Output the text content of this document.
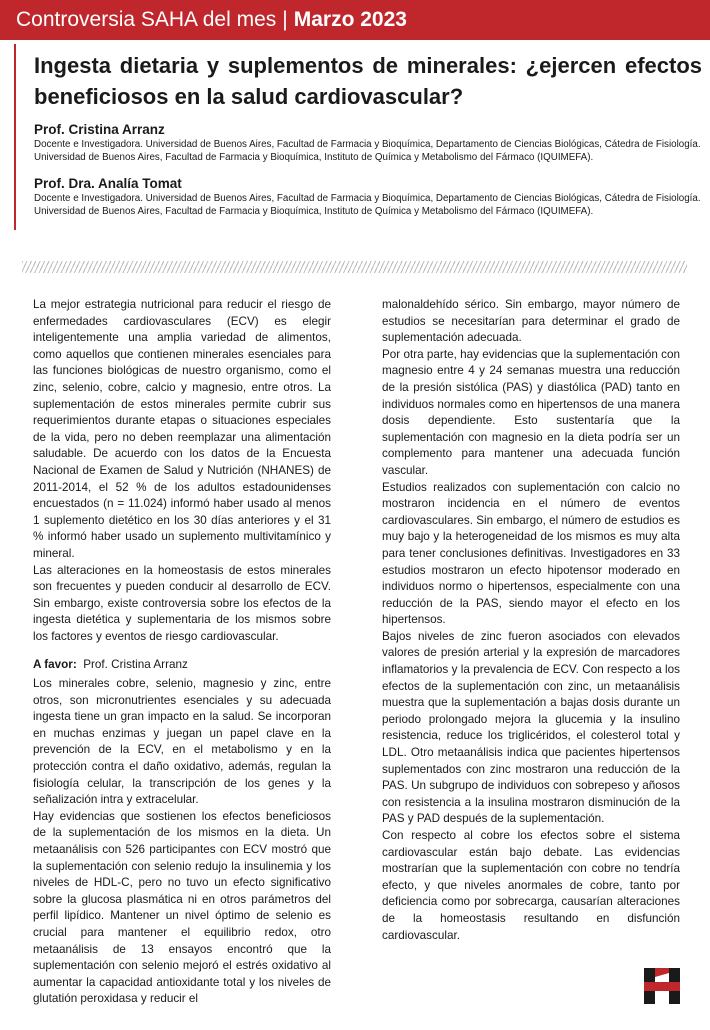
Controversia SAHA del mes | Marzo 2023
Ingesta dietaria y suplementos de minerales: ¿ejercen efectos beneficiosos en la salud cardiovascular?
Prof. Cristina Arranz
Docente e Investigadora. Universidad de Buenos Aires, Facultad de Farmacia y Bioquímica, Departamento de Ciencias Biológicas, Cátedra de Fisiología. Universidad de Buenos Aires, Facultad de Farmacia y Bioquímica, Instituto de Química y Metabolismo del Fármaco (IQUIMEFA).
Prof. Dra. Analía Tomat
Docente e Investigadora. Universidad de Buenos Aires, Facultad de Farmacia y Bioquímica, Departamento de Ciencias Biológicas, Cátedra de Fisiología. Universidad de Buenos Aires, Facultad de Farmacia y Bioquímica, Instituto de Química y Metabolismo del Fármaco (IQUIMEFA).

La mejor estrategia nutricional para reducir el riesgo de enfermedades cardiovasculares (ECV) es elegir inteligentemente una amplia variedad de alimentos, como aquellos que contienen minerales esenciales para las funciones biológicas de nuestro organismo, como el zinc, selenio, cobre, calcio y magnesio, entre otros. La suplementación de estos minerales permite cubrir sus requerimientos durante etapas o situaciones especiales de la vida, pero no deben reemplazar una alimentación saludable. De acuerdo con los datos de la Encuesta Nacional de Examen de Salud y Nutrición (NHANES) de 2011-2014, el 52 % de los adultos estadounidenses encuestados (n = 11.024) informó haber usado al menos 1 suplemento dietético en los 30 días anteriores y el 31 % informó haber usado un suplemento multivitamínico y mineral.

Las alteraciones en la homeostasis de estos minerales son frecuentes y pueden conducir al desarrollo de ECV. Sin embargo, existe controversia sobre los efectos de la ingesta dietética y suplementaria de los mismos sobre los factores y eventos de riesgo cardiovascular.

A favor: Prof. Cristina Arranz

Los minerales cobre, selenio, magnesio y zinc, entre otros, son micronutrientes esenciales y su adecuada ingesta tiene un gran impacto en la salud. Se incorporan en muchas enzimas y juegan un papel clave en la prevención de la ECV, en el metabolismo y en la protección contra el daño oxidativo, además, regulan la fisiología celular, la transcripción de los genes y la señalización intra y extracelular.

Hay evidencias que sostienen los efectos beneficiosos de la suplementación de los mismos en la dieta. Un metaanálisis con 526 participantes con ECV mostró que la suplementación con selenio redujo la insulinemia y los niveles de HDL-C, pero no tuvo un efecto significativo sobre la glucosa plasmática ni en otros parámetros del perfil lipídico. Mantener un nivel óptimo de selenio es crucial para mantener el equilibrio redox, otro metaanálisis de 13 ensayos encontró que la suplementación con selenio mejoró el estrés oxidativo al aumentar la capacidad antioxidante total y los niveles de glutatión peroxidasa y reducir el

malonaldehído sérico. Sin embargo, mayor número de estudios se necesitarían para determinar el grado de suplementación adecuada.

Por otra parte, hay evidencias que la suplementación con magnesio entre 4 y 24 semanas muestra una reducción de la presión sistólica (PAS) y diastólica (PAD) tanto en individuos normales como en hipertensos de una manera dosis dependiente. Esto sustentaría que la suplementación con magnesio en la dieta podría ser un complemento para mantener una adecuada función vascular.

Estudios realizados con suplementación con calcio no mostraron incidencia en el número de eventos cardiovasculares. Sin embargo, el número de estudios es muy bajo y la heterogeneidad de los mismos es muy alta para tener conclusiones definitivas. Investigadores en 33 estudios mostraron un efecto hipotensor moderado en individuos normo o hipertensos, especialmente con una reducción de la PAS, siendo mayor el efecto en los hipertensos.

Bajos niveles de zinc fueron asociados con elevados valores de presión arterial y la expresión de marcadores inflamatorios y la prevalencia de ECV. Con respecto a los efectos de la suplementación con zinc, un metaanálisis muestra que la suplementación a bajas dosis durante un periodo prolongado mejora la glucemia y la insulino resistencia, reduce los triglicéridos, el colesterol total y LDL. Otro metaanálisis indica que pacientes hipertensos suplementados con zinc mostraron una reducción de la PAS. Un subgrupo de individuos con sobrepeso y añosos con resistencia a la insulina mostraron disminución de la PAS y PAD después de la suplementación.

Con respecto al cobre los efectos sobre el sistema cardiovascular están bajo debate. Las evidencias mostrarían que la suplementación con cobre no tendría efecto, y que niveles anormales de cobre, tanto por deficiencia como por sobrecarga, causarían alteraciones de la homeostasis resultando en disfunción cardiovascular.
